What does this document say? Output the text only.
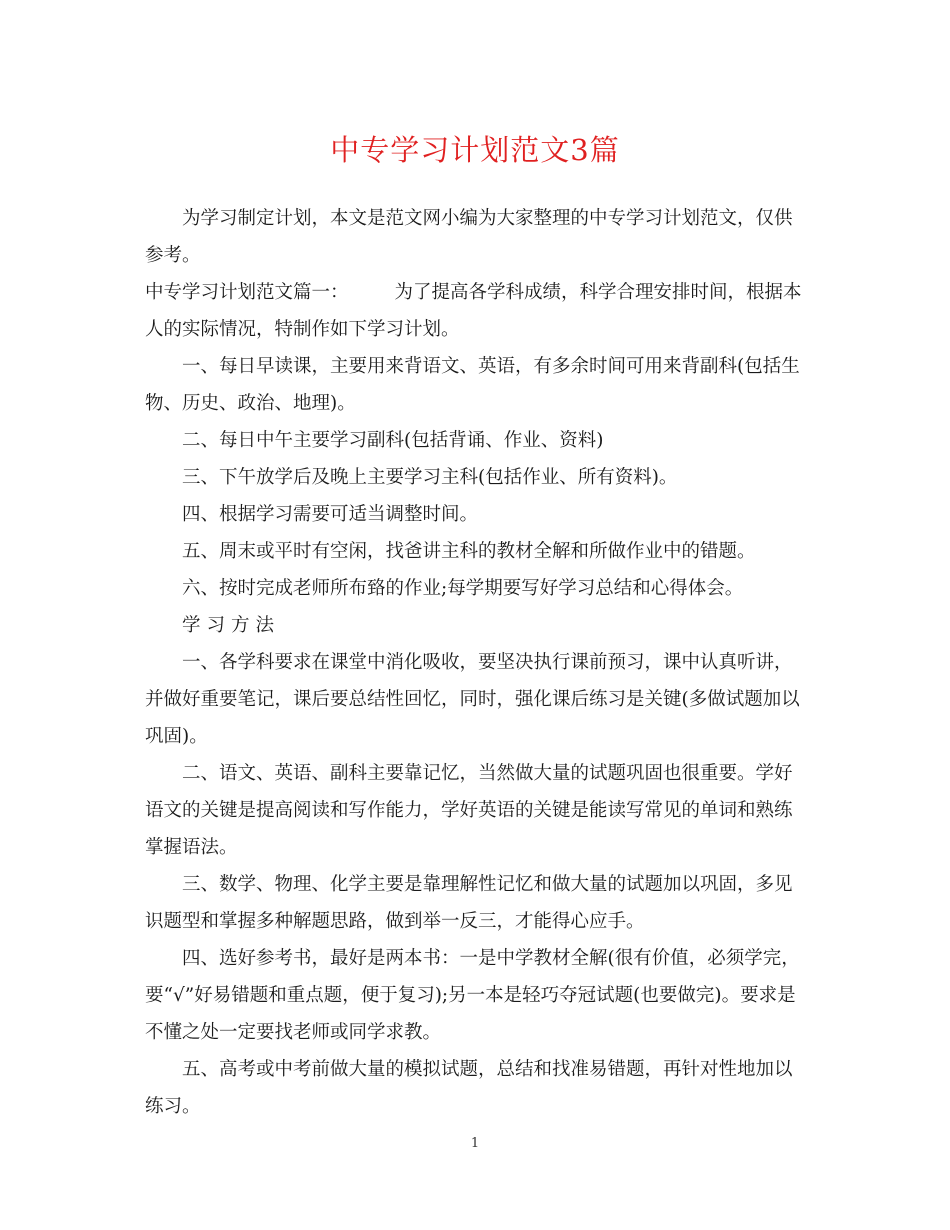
中专学习计划范文3篇

为学习制定计划，本文是范文网小编为大家整理的中专学习计划范文，仅供参考。

中专学习计划范文篇一： 为了提高各学科成绩，科学合理安排时间，根据本人的实际情况，特制作如下学习计划。

一、每日早读课，主要用来背语文、英语，有多余时间可用来背副科(包括生物、历史、政治、地理)。

二、每日中午主要学习副科(包括背诵、作业、资料)

三、下午放学后及晚上主要学习主科(包括作业、所有资料)。

四、根据学习需要可适当调整时间。

五、周末或平时有空闲，找爸讲主科的教材全解和所做作业中的错题。

六、按时完成老师所布臵的作业;每学期要写好学习总结和心得体会。

学习方法

一、各学科要求在课堂中消化吸收，要坚决执行课前预习，课中认真听讲，并做好重要笔记，课后要总结性回忆，同时，强化课后练习是关键(多做试题加以巩固)。

二、语文、英语、副科主要靠记忆，当然做大量的试题巩固也很重要。学好语文的关键是提高阅读和写作能力，学好英语的关键是能读写常见的单词和熟练掌握语法。

三、数学、物理、化学主要是靠理解性记忆和做大量的试题加以巩固，多见识题型和掌握多种解题思路，做到举一反三，才能得心应手。

四、选好参考书，最好是两本书：一是中学教材全解(很有价值，必须学完，要“√”好易错题和重点题，便于复习);另一本是轻巧夺冠试题(也要做完)。要求是不懂之处一定要找老师或同学求教。

五、高考或中考前做大量的模拟试题，总结和找准易错题，再针对性地加以练习。

1
